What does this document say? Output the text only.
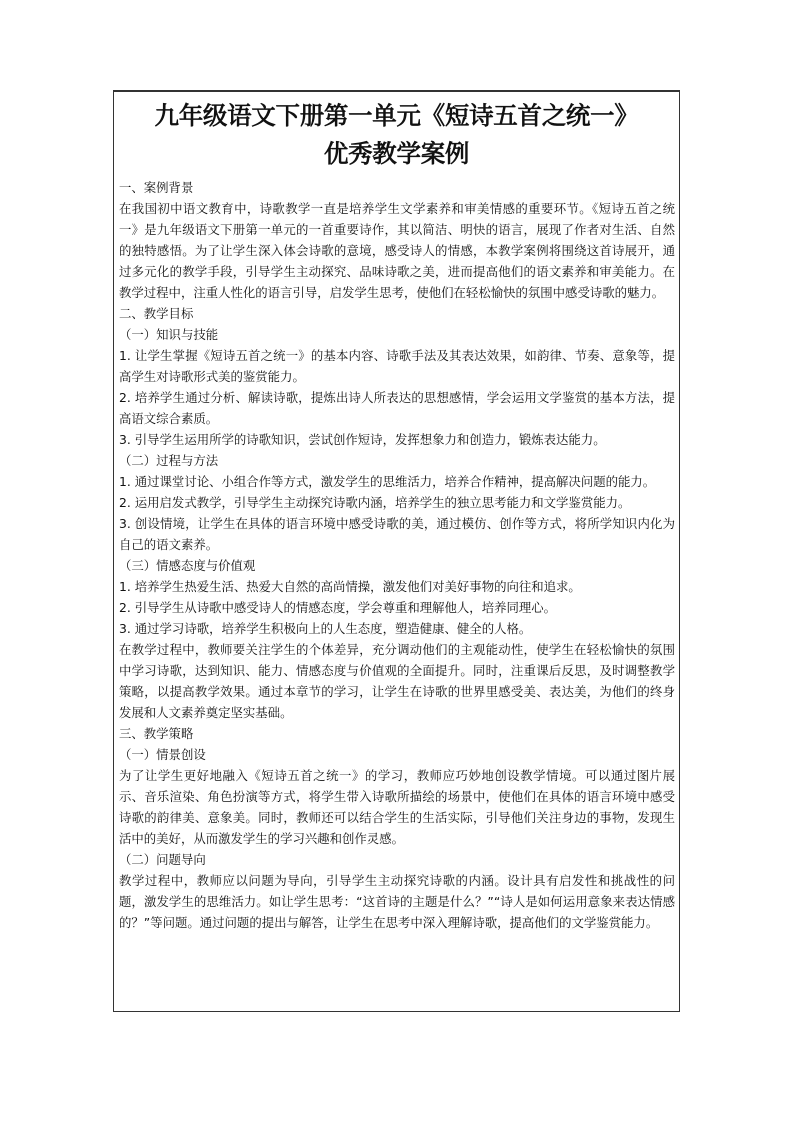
九年级语文下册第一单元《短诗五首之统一》
优秀教学案例

一、案例背景

在我国初中语文教育中，诗歌教学一直是培养学生文学素养和审美情感的重要环节。《短诗五首之统一》是九年级语文下册第一单元的一首重要诗作，其以简洁、明快的语言，展现了作者对生活、自然的独特感悟。为了让学生深入体会诗歌的意境，感受诗人的情感，本教学案例将围绕这首诗展开，通过多元化的教学手段，引导学生主动探究、品味诗歌之美，进而提高他们的语文素养和审美能力。在教学过程中，注重人性化的语言引导，启发学生思考，使他们在轻松愉快的氛围中感受诗歌的魅力。

二、教学目标

（一）知识与技能

1. 让学生掌握《短诗五首之统一》的基本内容、诗歌手法及其表达效果，如韵律、节奏、意象等，提高学生对诗歌形式美的鉴赏能力。

2. 培养学生通过分析、解读诗歌，提炼出诗人所表达的思想感情，学会运用文学鉴赏的基本方法，提高语文综合素质。

3. 引导学生运用所学的诗歌知识，尝试创作短诗，发挥想象力和创造力，锻炼表达能力。

（二）过程与方法

1. 通过课堂讨论、小组合作等方式，激发学生的思维活力，培养合作精神，提高解决问题的能力。

2. 运用启发式教学，引导学生主动探究诗歌内涵，培养学生的独立思考能力和文学鉴赏能力。

3. 创设情境，让学生在具体的语言环境中感受诗歌的美，通过模仿、创作等方式，将所学知识内化为自己的语文素养。

（三）情感态度与价值观

1. 培养学生热爱生活、热爱大自然的高尚情操，激发他们对美好事物的向往和追求。

2. 引导学生从诗歌中感受诗人的情感态度，学会尊重和理解他人，培养同理心。

3. 通过学习诗歌，培养学生积极向上的人生态度，塑造健康、健全的人格。

在教学过程中，教师要关注学生的个体差异，充分调动他们的主观能动性，使学生在轻松愉快的氛围中学习诗歌，达到知识、能力、情感态度与价值观的全面提升。同时，注重课后反思，及时调整教学策略，以提高教学效果。通过本章节的学习，让学生在诗歌的世界里感受美、表达美，为他们的终身发展和人文素养奠定坚实基础。

三、教学策略

（一）情景创设

为了让学生更好地融入《短诗五首之统一》的学习，教师应巧妙地创设教学情境。可以通过图片展示、音乐渲染、角色扮演等方式，将学生带入诗歌所描绘的场景中，使他们在具体的语言环境中感受诗歌的韵律美、意象美。同时，教师还可以结合学生的生活实际，引导他们关注身边的事物，发现生活中的美好，从而激发学生的学习兴趣和创作灵感。

（二）问题导向

教学过程中，教师应以问题为导向，引导学生主动探究诗歌的内涵。设计具有启发性和挑战性的问题，激发学生的思维活力。如让学生思考：“这首诗的主题是什么？”“诗人是如何运用意象来表达情感的？”等问题。通过问题的提出与解答，让学生在思考中深入理解诗歌，提高他们的文学鉴赏能力。
